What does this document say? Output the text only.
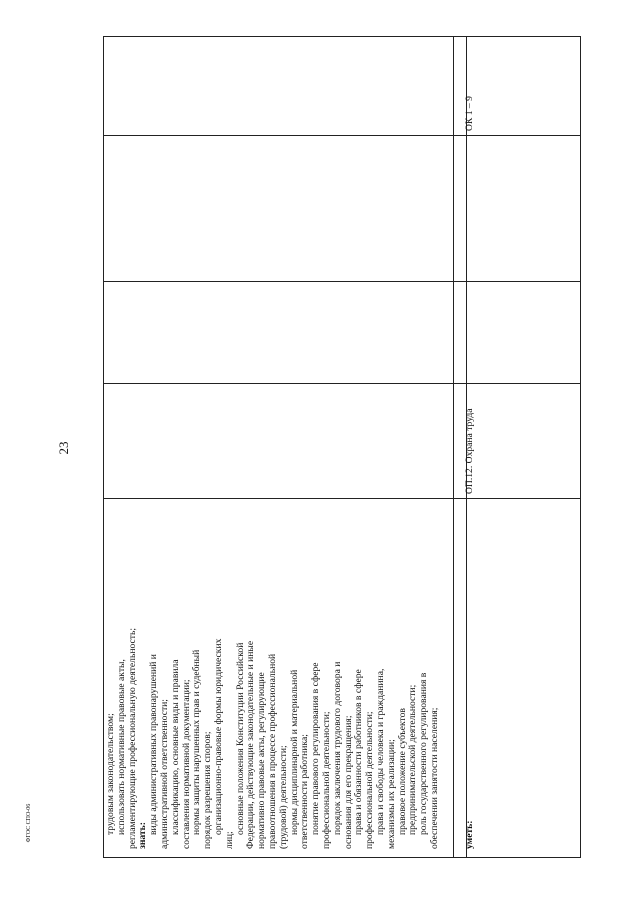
23
трудовым законодательством; использовать нормативные правовые акты, регламентирующие профессиональную деятельность; знать:
виды административных правонарушений и административной ответственности; классификацию, основные виды и правила составления нормативной документации; нормы защиты нарушенных прав и судебный порядок разрешения споров; организационно-правовые формы юридических
лиц;
основные положения Конституции Российской Федерации, действующие законодательные и иные нормативно правовые акты, регулирующие правоотношения в процессе профессиональной (трудовой) деятельности; нормы дисциплинарной и материальной ответственности работника; понятие правового регулирования в сфере профессиональной деятельности; порядок заключения трудового договора и основания для его прекращения; права и обязанности работников в сфере профессиональной деятельности; права и свободы человека и гражданина, механизмы их реализации; правовое положение субъектов предпринимательской деятельности; роль государственного регулирования в обеспечении занятости населения;	уметь:
ОП.12. Охрана труда
ОК 1 – 9
ФГОС СПО-06
